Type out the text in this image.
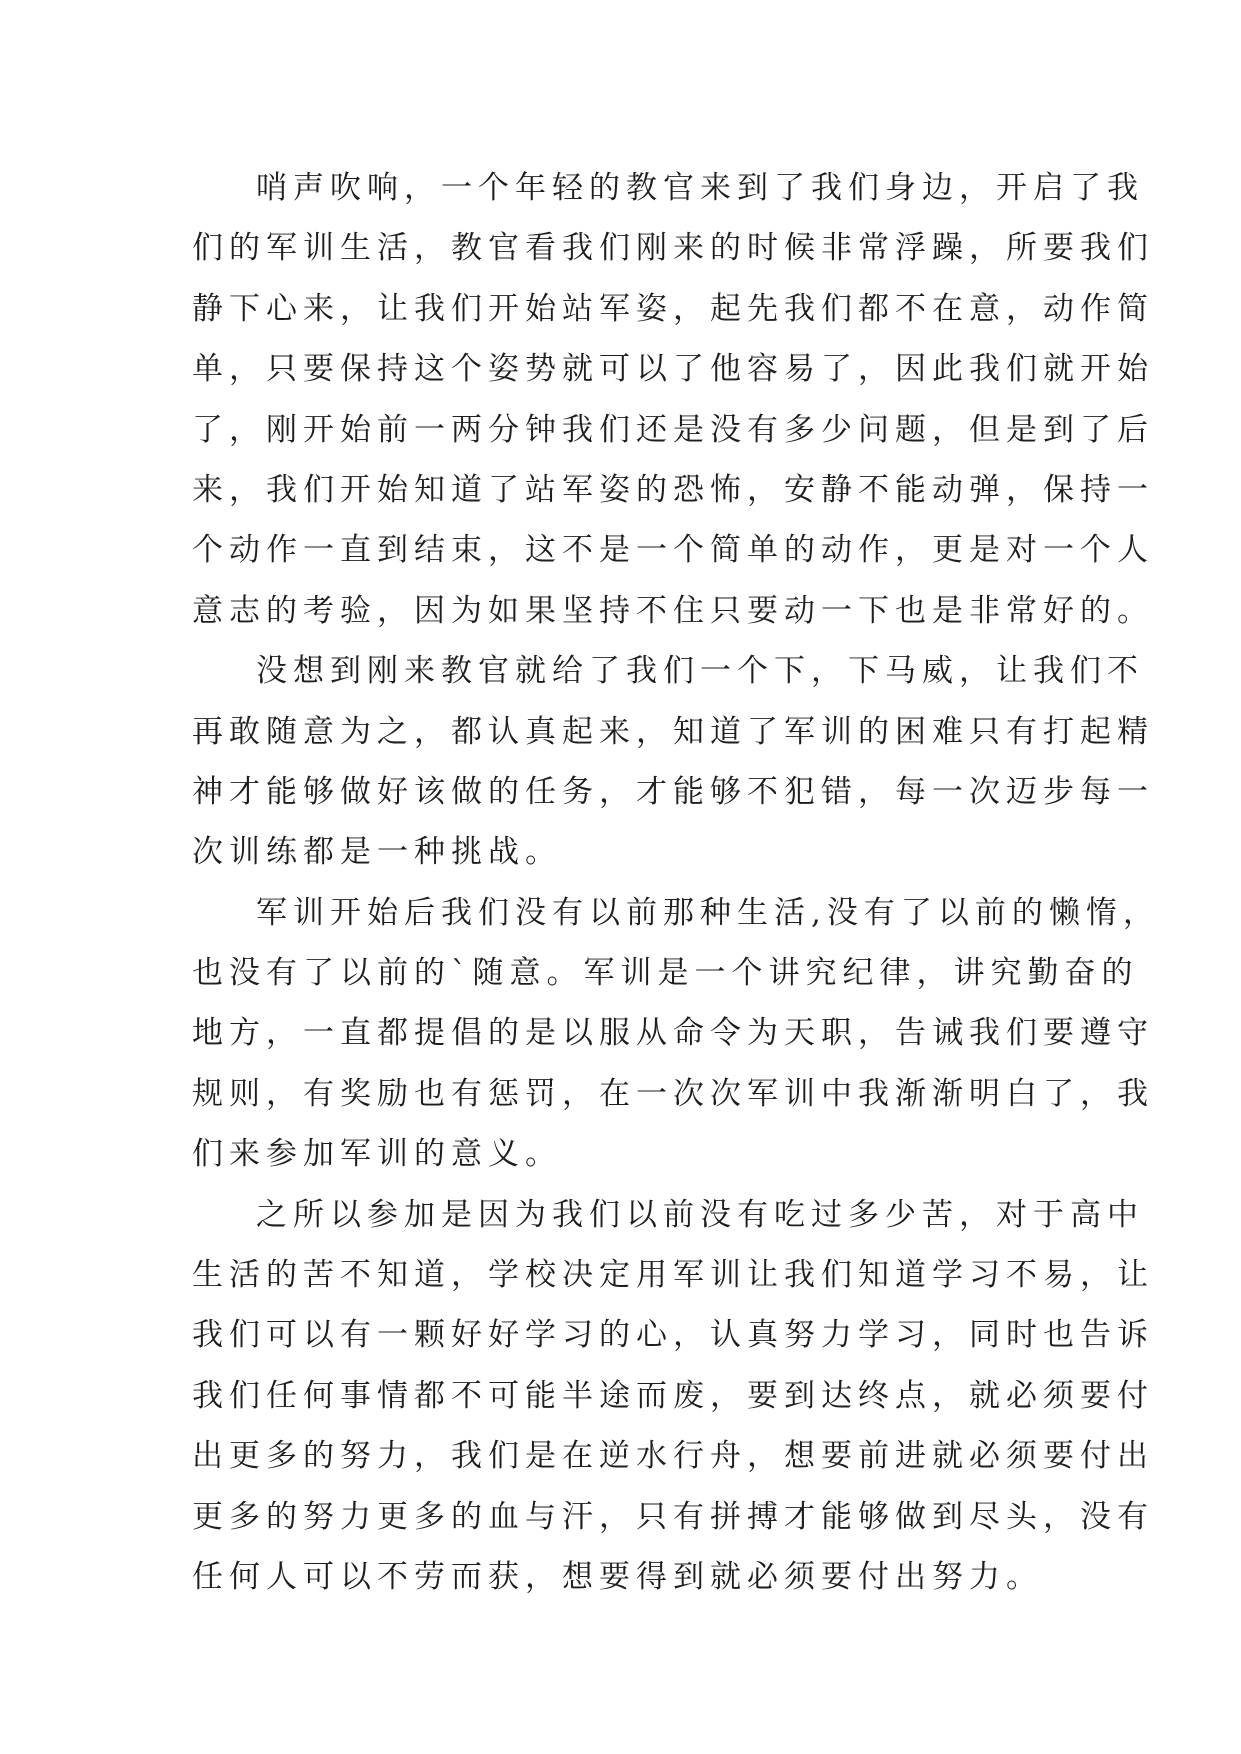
哨声吹响，一个年轻的教官来到了我们身边，开启了我
们的军训生活，教官看我们刚来的时候非常浮躁，所要我们
静下心来，让我们开始站军姿，起先我们都不在意，动作简
单，只要保持这个姿势就可以了他容易了，因此我们就开始
了，刚开始前一两分钟我们还是没有多少问题，但是到了后
来，我们开始知道了站军姿的恐怖，安静不能动弹，保持一
个动作一直到结束，这不是一个简单的动作，更是对一个人
意志的考验，因为如果坚持不住只要动一下也是非常好的。
没想到刚来教官就给了我们一个下，下马威，让我们不
再敢随意为之，都认真起来，知道了军训的困难只有打起精
神才能够做好该做的任务，才能够不犯错，每一次迈步每一
次训练都是一种挑战。
军训开始后我们没有以前那种生活,没有了以前的懒惰，
也没有了以前的`随意。军训是一个讲究纪律，讲究勤奋的
地方，一直都提倡的是以服从命令为天职，告诫我们要遵守
规则，有奖励也有惩罚，在一次次军训中我渐渐明白了，我
们来参加军训的意义。
之所以参加是因为我们以前没有吃过多少苦，对于高中
生活的苦不知道，学校决定用军训让我们知道学习不易，让
我们可以有一颗好好学习的心，认真努力学习，同时也告诉
我们任何事情都不可能半途而废，要到达终点，就必须要付
出更多的努力，我们是在逆水行舟，想要前进就必须要付出
更多的努力更多的血与汗，只有拼搏才能够做到尽头，没有
任何人可以不劳而获，想要得到就必须要付出努力。
